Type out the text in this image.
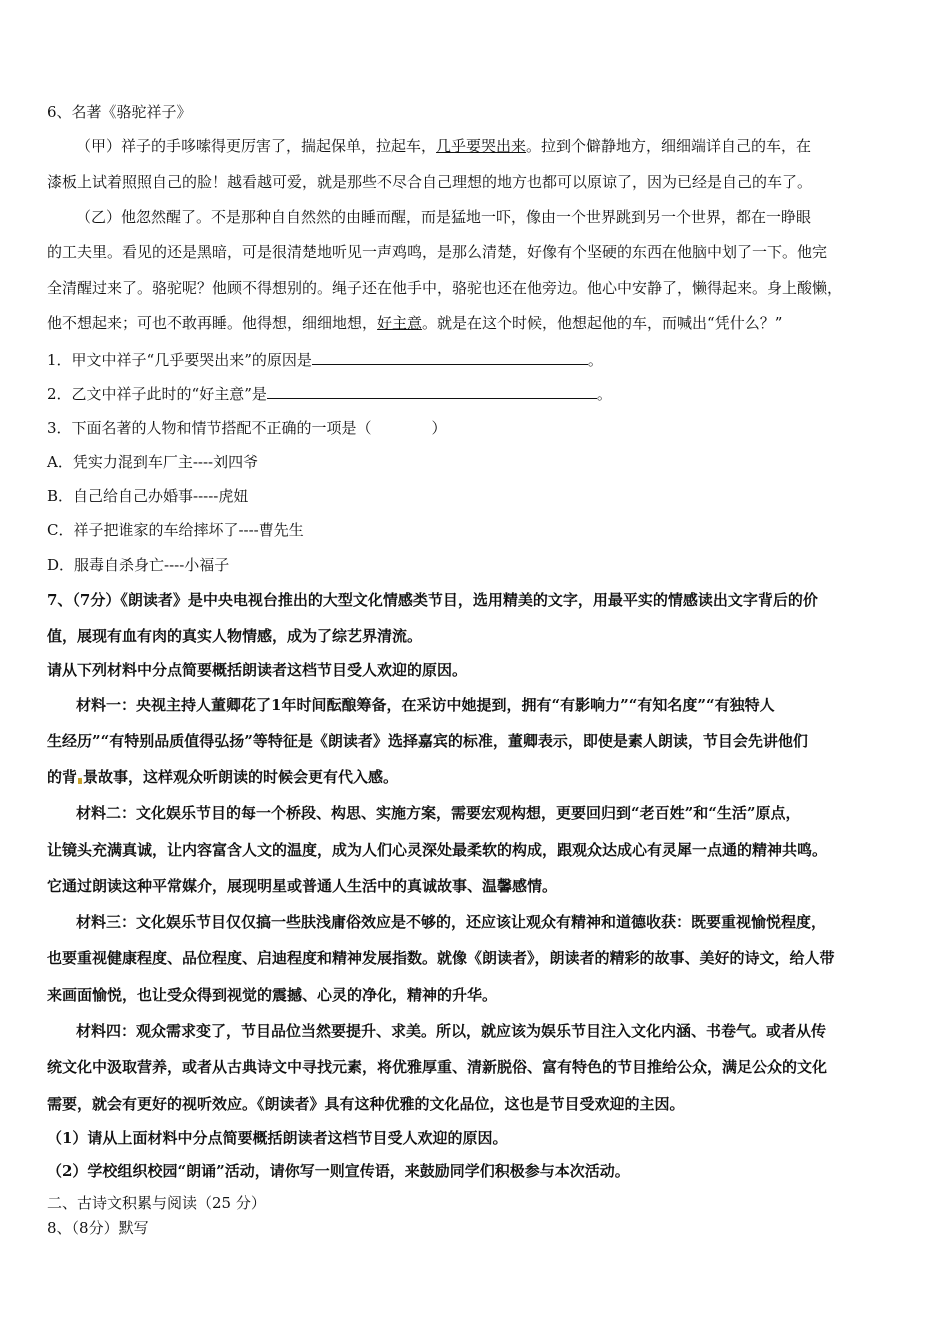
6、名著《骆驼祥子》
（甲）祥子的手哆嗦得更厉害了，揣起保单，拉起车，几乎要哭出来。拉到个僻静地方，细细端详自己的车，在
漆板上试着照照自己的脸！越看越可爱，就是那些不尽合自己理想的地方也都可以原谅了，因为已经是自己的车了。
（乙）他忽然醒了。不是那种自自然然的由睡而醒，而是猛地一吓，像由一个世界跳到另一个世界，都在一睁眼
的工夫里。看见的还是黑暗，可是很清楚地听见一声鸡鸣，是那么清楚，好像有个坚硬的东西在他脑中划了一下。他完
全清醒过来了。骆驼呢？他顾不得想别的。绳子还在他手中，骆驼也还在他旁边。他心中安静了，懒得起来。身上酸懒，
他不想起来；可也不敢再睡。他得想，细细地想，好主意。就是在这个时候，他想起他的车，而喊出“凭什么？”
1．甲文中祥子“几乎要哭出来”的原因是	。
2．乙文中祥子此时的“好主意”是	。
3．下面名著的人物和情节搭配不正确的一项是（　　　　）
A．凭实力混到车厂主----刘四爷
B．自己给自己办婚事-----虎妞
C．祥子把谁家的车给摔坏了----曹先生
D．服毒自杀身亡----小福子
7、（7分）《朗读者》是中央电视台推出的大型文化情感类节目，选用精美的文字，用最平实的情感读出文字背后的价
值，展现有血有肉的真实人物情感，成为了综艺界清流。
请从下列材料中分点简要概括朗读者这档节目受人欢迎的原因。
材料一：央视主持人董卿花了1年时间酝酿筹备，在采访中她提到，拥有“有影响力”“有知名度”“有独特人
生经历”“有特别品质值得弘扬”等特征是《朗读者》选择嘉宾的标准，董卿表示，即使是素人朗读，节目会先讲他们
的背 景故事，这样观众听朗读的时候会更有代入感。
材料二：文化娱乐节目的每一个桥段、构思、实施方案，需要宏观构想，更要回归到“老百姓”和“生活”原点，
让镜头充满真诚，让内容富含人文的温度，成为人们心灵深处最柔软的构成，跟观众达成心有灵犀一点通的精神共鸣。
它通过朗读这种平常媒介，展现明星或普通人生活中的真诚故事、温馨感情。
材料三：文化娱乐节目仅仅搞一些肤浅庸俗效应是不够的，还应该让观众有精神和道德收获：既要重视愉悦程度，
也要重视健康程度、品位程度、启迪程度和精神发展指数。就像《朗读者》，朗读者的精彩的故事、美好的诗文，给人带
来画面愉悦，也让受众得到视觉的震撼、心灵的净化，精神的升华。
材料四：观众需求变了，节目品位当然要提升、求美。所以，就应该为娱乐节目注入文化内涵、书卷气。或者从传
统文化中汲取营养，或者从古典诗文中寻找元素，将优雅厚重、清新脱俗、富有特色的节目推给公众，满足公众的文化
需要，就会有更好的视听效应。《朗读者》具有这种优雅的文化品位，这也是节目受欢迎的主因。
（1）请从上面材料中分点简要概括朗读者这档节目受人欢迎的原因。
（2）学校组织校园“朗诵”活动，请你写一则宣传语，来鼓励同学们积极参与本次活动。
二、古诗文积累与阅读（25 分）
8、（8分）默写
